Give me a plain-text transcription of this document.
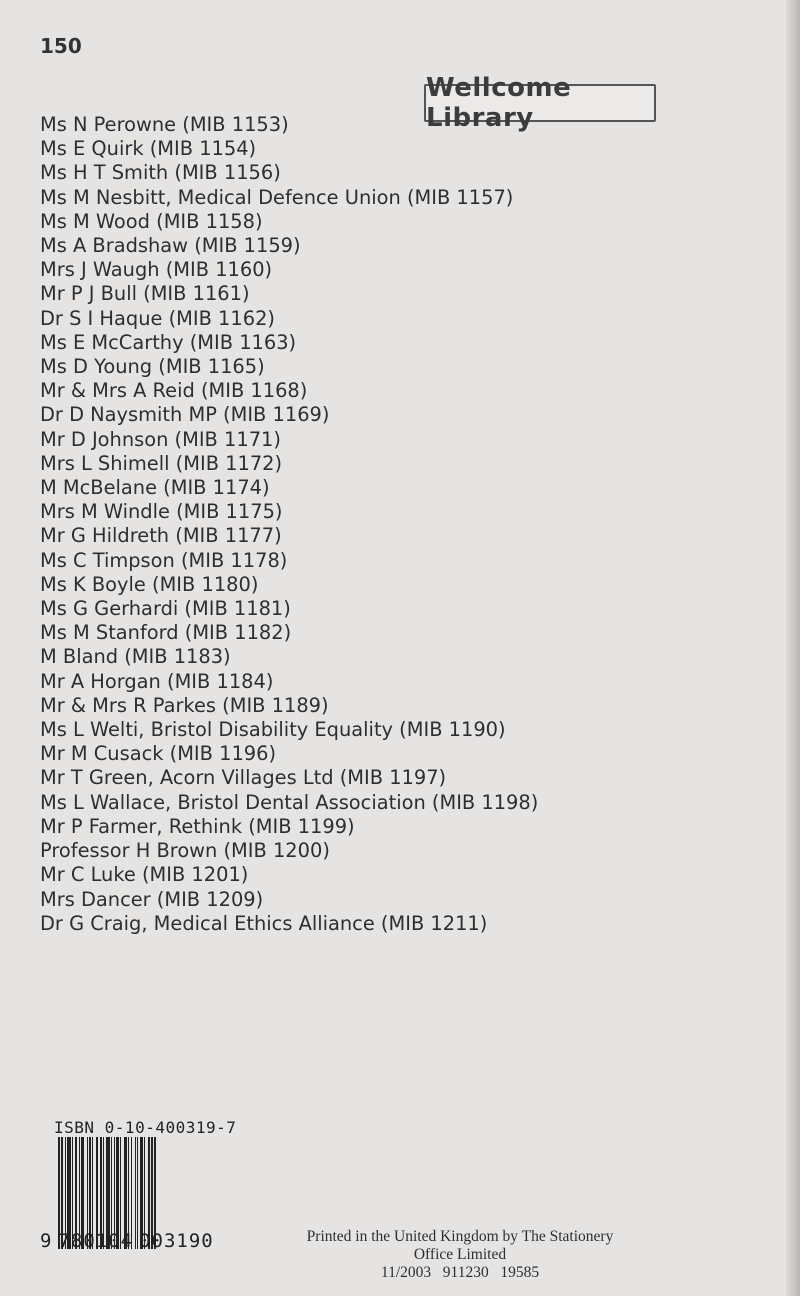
150
Wellcome Library
Ms N Perowne (MIB 1153)
Ms E Quirk (MIB 1154)
Ms H T Smith (MIB 1156)
Ms M Nesbitt, Medical Defence Union (MIB 1157)
Ms M Wood (MIB 1158)
Ms A Bradshaw (MIB 1159)
Mrs J Waugh (MIB 1160)
Mr P J Bull (MIB 1161)
Dr S I Haque (MIB 1162)
Ms E McCarthy (MIB 1163)
Ms D Young (MIB 1165)
Mr & Mrs A Reid (MIB 1168)
Dr D Naysmith MP (MIB 1169)
Mr D Johnson (MIB 1171)
Mrs L Shimell (MIB 1172)
M McBelane (MIB 1174)
Mrs M Windle (MIB 1175)
Mr G Hildreth (MIB 1177)
Ms C Timpson (MIB 1178)
Ms K Boyle (MIB 1180)
Ms G Gerhardi (MIB 1181)
Ms M Stanford (MIB 1182)
M Bland (MIB 1183)
Mr A Horgan (MIB 1184)
Mr & Mrs R Parkes (MIB 1189)
Ms L Welti, Bristol Disability Equality (MIB 1190)
Mr M Cusack (MIB 1196)
Mr T Green, Acorn Villages Ltd (MIB 1197)
Ms L Wallace, Bristol Dental Association (MIB 1198)
Mr P Farmer, Rethink (MIB 1199)
Professor H Brown (MIB 1200)
Mr C Luke (MIB 1201)
Mrs Dancer (MIB 1209)
Dr G Craig, Medical Ethics Alliance (MIB 1211)
ISBN 0-10-400319-7
9 780104 003190	Printed in the United Kingdom by The Stationery Office Limited
11/2003   911230   19585
